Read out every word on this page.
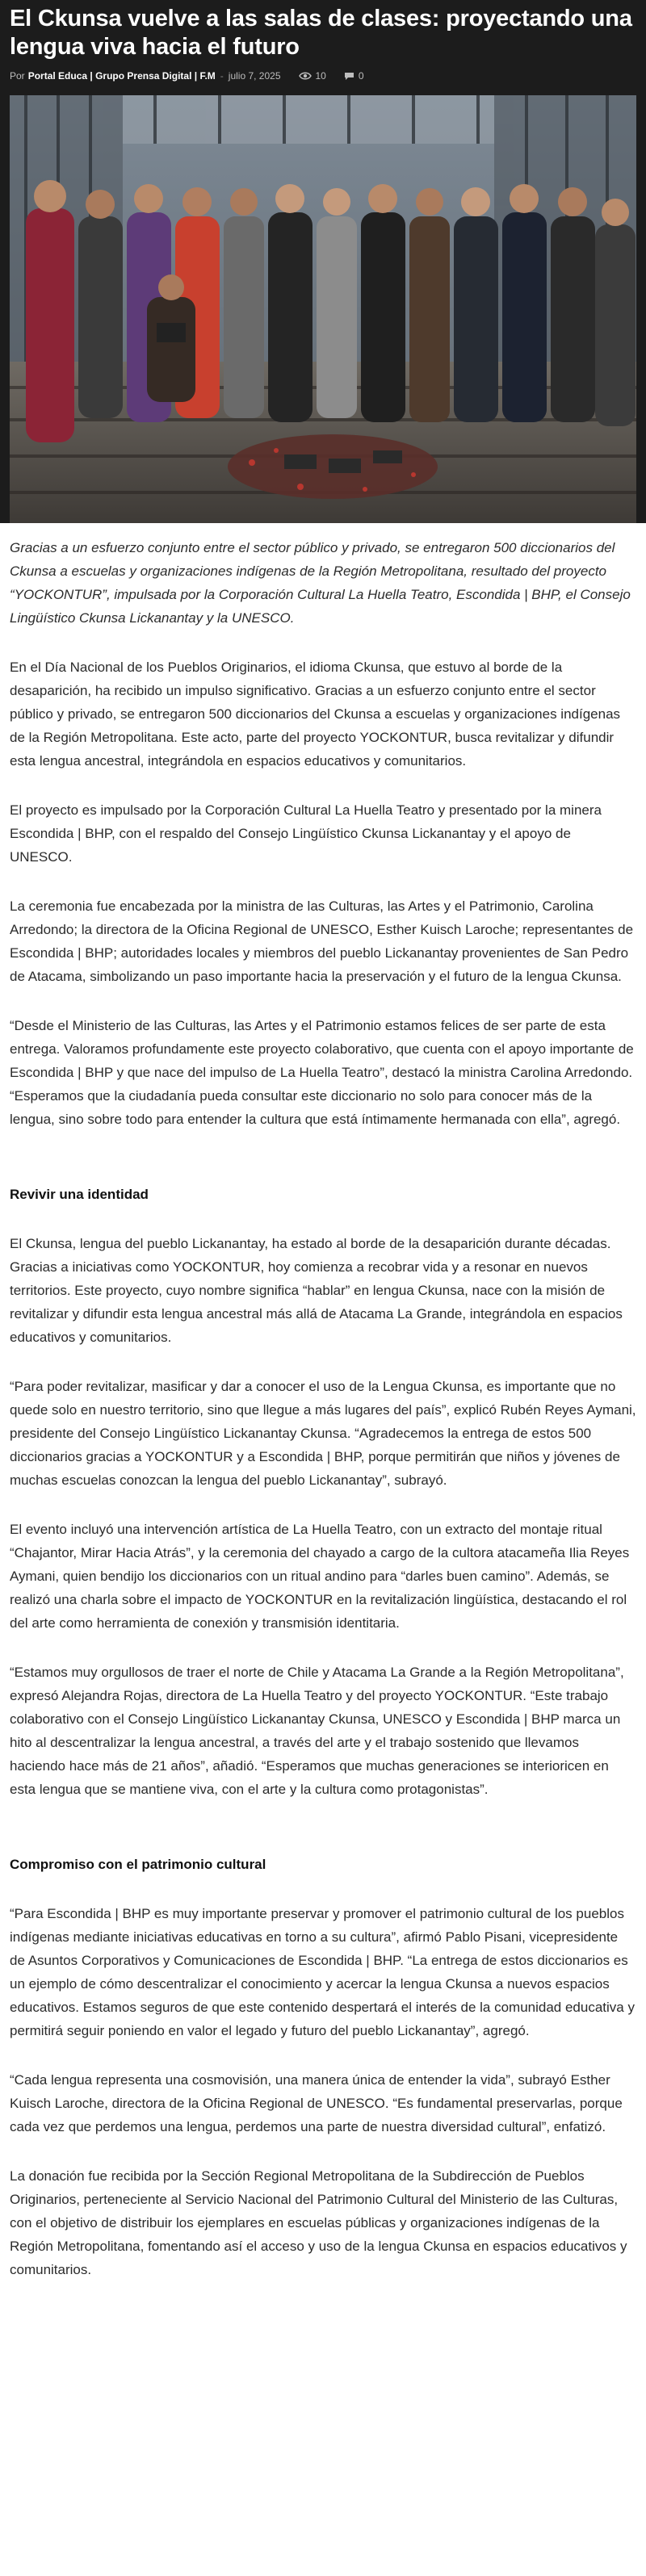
El Ckunsa vuelve a las salas de clases: proyectando una lengua viva hacia el futuro
Por Portal Educa | Grupo Prensa Digital | F.M - julio 7, 2025	10	0

Gracias a un esfuerzo conjunto entre el sector público y privado, se entregaron 500 diccionarios del Ckunsa a escuelas y organizaciones indígenas de la Región Metropolitana, resultado del proyecto “YOCKONTUR”, impulsada por la Corporación Cultural La Huella Teatro, Escondida | BHP, el Consejo Lingüístico Ckunsa Lickanantay y la UNESCO.

En el Día Nacional de los Pueblos Originarios, el idioma Ckunsa, que estuvo al borde de la desaparición, ha recibido un impulso significativo. Gracias a un esfuerzo conjunto entre el sector público y privado, se entregaron 500 diccionarios del Ckunsa a escuelas y organizaciones indígenas de la Región Metropolitana. Este acto, parte del proyecto YOCKONTUR, busca revitalizar y difundir esta lengua ancestral, integrándola en espacios educativos y comunitarios.

El proyecto es impulsado por la Corporación Cultural La Huella Teatro y presentado por la minera Escondida | BHP, con el respaldo del Consejo Lingüístico Ckunsa Lickanantay y el apoyo de UNESCO.

La ceremonia fue encabezada por la ministra de las Culturas, las Artes y el Patrimonio, Carolina Arredondo; la directora de la Oficina Regional de UNESCO, Esther Kuisch Laroche; representantes de Escondida | BHP; autoridades locales y miembros del pueblo Lickanantay provenientes de San Pedro de Atacama, simbolizando un paso importante hacia la preservación y el futuro de la lengua Ckunsa.

“Desde el Ministerio de las Culturas, las Artes y el Patrimonio estamos felices de ser parte de esta entrega. Valoramos profundamente este proyecto colaborativo, que cuenta con el apoyo importante de Escondida | BHP y que nace del impulso de La Huella Teatro”, destacó la ministra Carolina Arredondo. “Esperamos que la ciudadanía pueda consultar este diccionario no solo para conocer más de la lengua, sino sobre todo para entender la cultura que está íntimamente hermanada con ella”, agregó.

Revivir una identidad

El Ckunsa, lengua del pueblo Lickanantay, ha estado al borde de la desaparición durante décadas. Gracias a iniciativas como YOCKONTUR, hoy comienza a recobrar vida y a resonar en nuevos territorios. Este proyecto, cuyo nombre significa “hablar” en lengua Ckunsa, nace con la misión de revitalizar y difundir esta lengua ancestral más allá de Atacama La Grande, integrándola en espacios educativos y comunitarios.

“Para poder revitalizar, masificar y dar a conocer el uso de la Lengua Ckunsa, es importante que no quede solo en nuestro territorio, sino que llegue a más lugares del país”, explicó Rubén Reyes Aymani, presidente del Consejo Lingüístico Lickanantay Ckunsa. “Agradecemos la entrega de estos 500 diccionarios gracias a YOCKONTUR y a Escondida | BHP, porque permitirán que niños y jóvenes de muchas escuelas conozcan la lengua del pueblo Lickanantay”, subrayó.

El evento incluyó una intervención artística de La Huella Teatro, con un extracto del montaje ritual “Chajantor, Mirar Hacia Atrás”, y la ceremonia del chayado a cargo de la cultora atacameña Ilia Reyes Aymani, quien bendijo los diccionarios con un ritual andino para “darles buen camino”. Además, se realizó una charla sobre el impacto de YOCKONTUR en la revitalización lingüística, destacando el rol del arte como herramienta de conexión y transmisión identitaria.

“Estamos muy orgullosos de traer el norte de Chile y Atacama La Grande a la Región Metropolitana”, expresó Alejandra Rojas, directora de La Huella Teatro y del proyecto YOCKONTUR. “Este trabajo colaborativo con el Consejo Lingüístico Lickanantay Ckunsa, UNESCO y Escondida | BHP marca un hito al descentralizar la lengua ancestral, a través del arte y el trabajo sostenido que llevamos haciendo hace más de 21 años”, añadió. “Esperamos que muchas generaciones se interioricen en esta lengua que se mantiene viva, con el arte y la cultura como protagonistas”.

Compromiso con el patrimonio cultural

“Para Escondida | BHP es muy importante preservar y promover el patrimonio cultural de los pueblos indígenas mediante iniciativas educativas en torno a su cultura”, afirmó Pablo Pisani, vicepresidente de Asuntos Corporativos y Comunicaciones de Escondida | BHP. “La entrega de estos diccionarios es un ejemplo de cómo descentralizar el conocimiento y acercar la lengua Ckunsa a nuevos espacios educativos. Estamos seguros de que este contenido despertará el interés de la comunidad educativa y permitirá seguir poniendo en valor el legado y futuro del pueblo Lickanantay”, agregó.

“Cada lengua representa una cosmovisión, una manera única de entender la vida”, subrayó Esther Kuisch Laroche, directora de la Oficina Regional de UNESCO. “Es fundamental preservarlas, porque cada vez que perdemos una lengua, perdemos una parte de nuestra diversidad cultural”, enfatizó.

La donación fue recibida por la Sección Regional Metropolitana de la Subdirección de Pueblos Originarios, perteneciente al Servicio Nacional del Patrimonio Cultural del Ministerio de las Culturas, con el objetivo de distribuir los ejemplares en escuelas públicas y organizaciones indígenas de la Región Metropolitana, fomentando así el acceso y uso de la lengua Ckunsa en espacios educativos y comunitarios.
